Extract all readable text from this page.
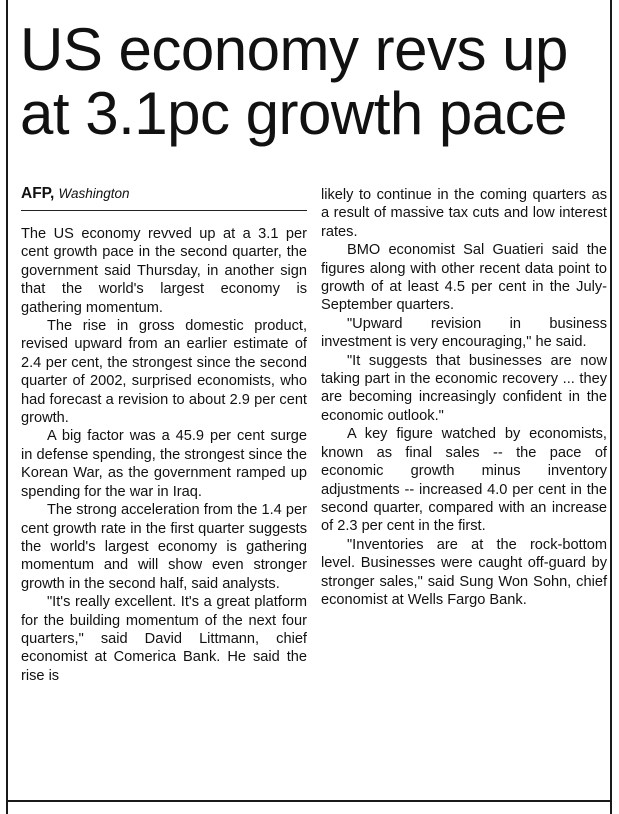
US economy revs up
at 3.1pc growth pace
AFP, Washington

The US economy revved up at a 3.1 per cent growth pace in the second quarter, the government said Thursday, in another sign that the world's largest economy is gathering momentum.

The rise in gross domestic product, revised upward from an earlier estimate of 2.4 per cent, the strongest since the second quarter of 2002, surprised economists, who had forecast a revision to about 2.9 per cent growth.

A big factor was a 45.9 per cent surge in defense spending, the strongest since the Korean War, as the government ramped up spending for the war in Iraq.

The strong acceleration from the 1.4 per cent growth rate in the first quarter suggests the world's largest economy is gathering momentum and will show even stronger growth in the second half, said analysts.

"It's really excellent. It's a great platform for the building momentum of the next four quarters," said David Littmann, chief economist at Comerica Bank. He said the rise is

likely to continue in the coming quarters as a result of massive tax cuts and low interest rates.

BMO economist Sal Guatieri said the figures along with other recent data point to growth of at least 4.5 per cent in the July-September quarters.

"Upward revision in business investment is very encouraging," he said.

"It suggests that businesses are now taking part in the economic recovery ... they are becoming increasingly confident in the economic outlook."

A key figure watched by economists, known as final sales -- the pace of economic growth minus inventory adjustments -- increased 4.0 per cent in the second quarter, compared with an increase of 2.3 per cent in the first.

"Inventories are at the rock-bottom level. Businesses were caught off-guard by stronger sales," said Sung Won Sohn, chief economist at Wells Fargo Bank.
